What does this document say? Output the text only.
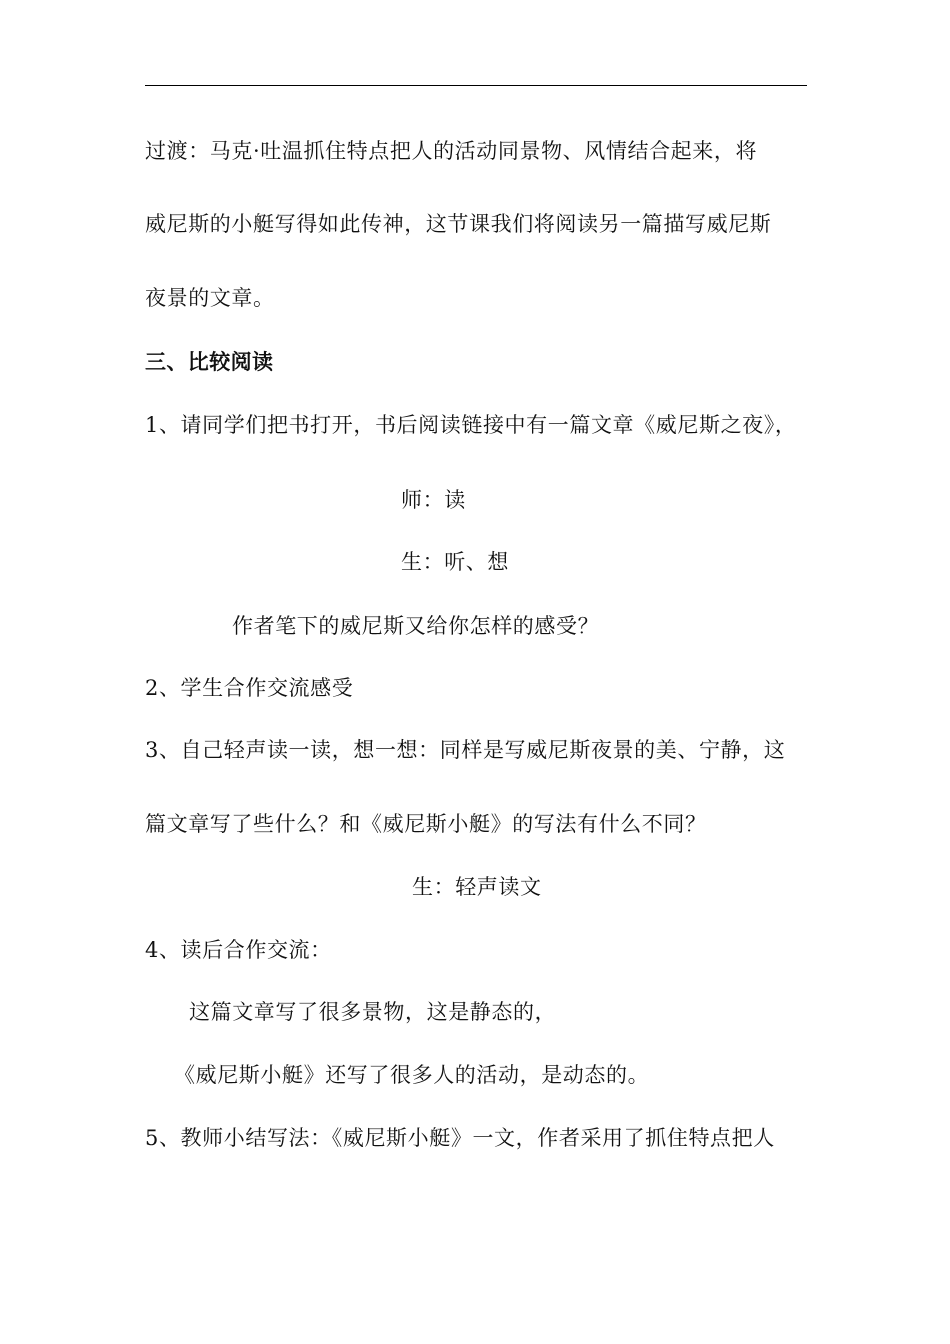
过渡：马克·吐温抓住特点把人的活动同景物、风情结合起来，将
威尼斯的小艇写得如此传神，这节课我们将阅读另一篇描写威尼斯
夜景的文章。
三、比较阅读
1、请同学们把书打开，书后阅读链接中有一篇文章《威尼斯之夜》，
师：读
生：听、想
作者笔下的威尼斯又给你怎样的感受？
2、学生合作交流感受
3、自己轻声读一读，想一想：同样是写威尼斯夜景的美、宁静，这
篇文章写了些什么？和《威尼斯小艇》的写法有什么不同？
生：轻声读文
4、读后合作交流：
这篇文章写了很多景物，这是静态的，
《威尼斯小艇》还写了很多人的活动，是动态的。
5、教师小结写法：《威尼斯小艇》一文，作者采用了抓住特点把人
